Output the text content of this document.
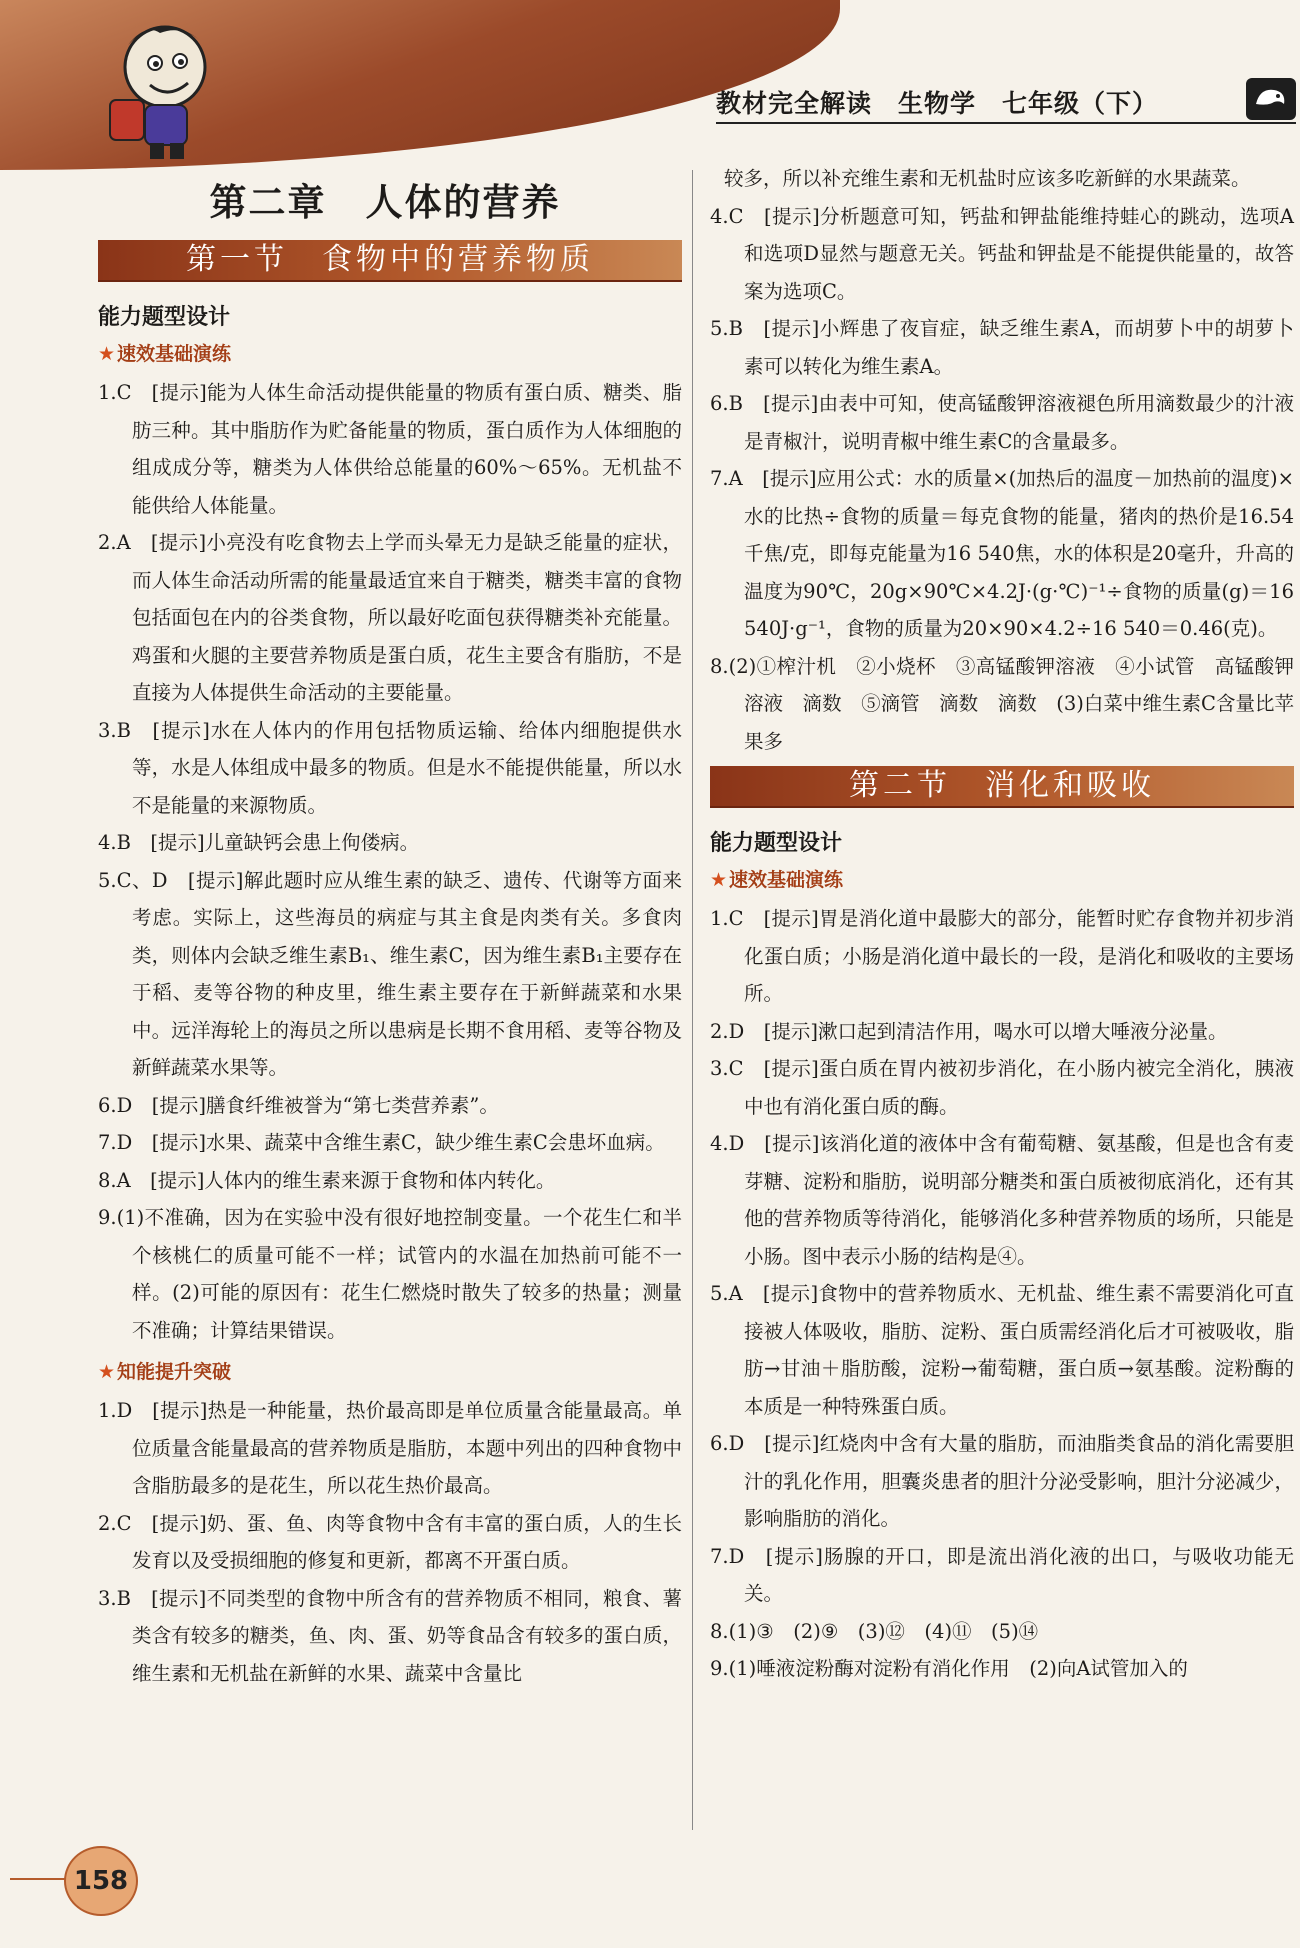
教材完全解读　生物学　七年级（下）
第二章　人体的营养
第一节　食物中的营养物质
能力题型设计
★ 速效基础演练
1.C　[提示]能为人体生命活动提供能量的物质有蛋白质、糖类、脂肪三种。其中脂肪作为贮备能量的物质，蛋白质作为人体细胞的组成成分等，糖类为人体供给总能量的60%～65%。无机盐不能供给人体能量。
2.A　[提示]小亮没有吃食物去上学而头晕无力是缺乏能量的症状，而人体生命活动所需的能量最适宜来自于糖类，糖类丰富的食物包括面包在内的谷类食物，所以最好吃面包获得糖类补充能量。鸡蛋和火腿的主要营养物质是蛋白质，花生主要含有脂肪，不是直接为人体提供生命活动的主要能量。
3.B　[提示]水在人体内的作用包括物质运输、给体内细胞提供水等，水是人体组成中最多的物质。但是水不能提供能量，所以水不是能量的来源物质。
4.B　[提示]儿童缺钙会患上佝偻病。
5.C、D　[提示]解此题时应从维生素的缺乏、遗传、代谢等方面来考虑。实际上，这些海员的病症与其主食是肉类有关。多食肉类，则体内会缺乏维生素B₁、维生素C，因为维生素B₁主要存在于稻、麦等谷物的种皮里，维生素主要存在于新鲜蔬菜和水果中。远洋海轮上的海员之所以患病是长期不食用稻、麦等谷物及新鲜蔬菜水果等。
6.D　[提示]膳食纤维被誉为“第七类营养素”。
7.D　[提示]水果、蔬菜中含维生素C，缺少维生素C会患坏血病。
8.A　[提示]人体内的维生素来源于食物和体内转化。
9.(1)不准确，因为在实验中没有很好地控制变量。一个花生仁和半个核桃仁的质量可能不一样；试管内的水温在加热前可能不一样。(2)可能的原因有：花生仁燃烧时散失了较多的热量；测量不准确；计算结果错误。
★ 知能提升突破
1.D　[提示]热是一种能量，热价最高即是单位质量含能量最高。单位质量含能量最高的营养物质是脂肪，本题中列出的四种食物中含脂肪最多的是花生，所以花生热价最高。
2.C　[提示]奶、蛋、鱼、肉等食物中含有丰富的蛋白质，人的生长发育以及受损细胞的修复和更新，都离不开蛋白质。
3.B　[提示]不同类型的食物中所含有的营养物质不相同，粮食、薯类含有较多的糖类，鱼、肉、蛋、奶等食品含有较多的蛋白质，维生素和无机盐在新鲜的水果、蔬菜中含量比
较多，所以补充维生素和无机盐时应该多吃新鲜的水果蔬菜。
4.C　[提示]分析题意可知，钙盐和钾盐能维持蛙心的跳动，选项A和选项D显然与题意无关。钙盐和钾盐是不能提供能量的，故答案为选项C。
5.B　[提示]小辉患了夜盲症，缺乏维生素A，而胡萝卜中的胡萝卜素可以转化为维生素A。
6.B　[提示]由表中可知，使高锰酸钾溶液褪色所用滴数最少的汁液是青椒汁，说明青椒中维生素C的含量最多。
7.A　[提示]应用公式：水的质量×(加热后的温度－加热前的温度)×水的比热÷食物的质量＝每克食物的能量，猪肉的热价是16.54千焦/克，即每克能量为16 540焦，水的体积是20毫升，升高的温度为90℃，20g×90℃×4.2J·(g·℃)⁻¹÷食物的质量(g)＝16 540J·g⁻¹，食物的质量为20×90×4.2÷16 540＝0.46(克)。
8.(2)①榨汁机　②小烧杯　③高锰酸钾溶液　④小试管　高锰酸钾溶液　滴数　⑤滴管　滴数　滴数　(3)白菜中维生素C含量比苹果多
第二节　消化和吸收
能力题型设计
★ 速效基础演练
1.C　[提示]胃是消化道中最膨大的部分，能暂时贮存食物并初步消化蛋白质；小肠是消化道中最长的一段，是消化和吸收的主要场所。
2.D　[提示]漱口起到清洁作用，喝水可以增大唾液分泌量。
3.C　[提示]蛋白质在胃内被初步消化，在小肠内被完全消化，胰液中也有消化蛋白质的酶。
4.D　[提示]该消化道的液体中含有葡萄糖、氨基酸，但是也含有麦芽糖、淀粉和脂肪，说明部分糖类和蛋白质被彻底消化，还有其他的营养物质等待消化，能够消化多种营养物质的场所，只能是小肠。图中表示小肠的结构是④。
5.A　[提示]食物中的营养物质水、无机盐、维生素不需要消化可直接被人体吸收，脂肪、淀粉、蛋白质需经消化后才可被吸收，脂肪→甘油＋脂肪酸，淀粉→葡萄糖，蛋白质→氨基酸。淀粉酶的本质是一种特殊蛋白质。
6.D　[提示]红烧肉中含有大量的脂肪，而油脂类食品的消化需要胆汁的乳化作用，胆囊炎患者的胆汁分泌受影响，胆汁分泌减少，影响脂肪的消化。
7.D　[提示]肠腺的开口，即是流出消化液的出口，与吸收功能无关。
8.(1)③　(2)⑨　(3)⑫　(4)⑪　(5)⑭
9.(1)唾液淀粉酶对淀粉有消化作用　(2)向A试管加入的
158
